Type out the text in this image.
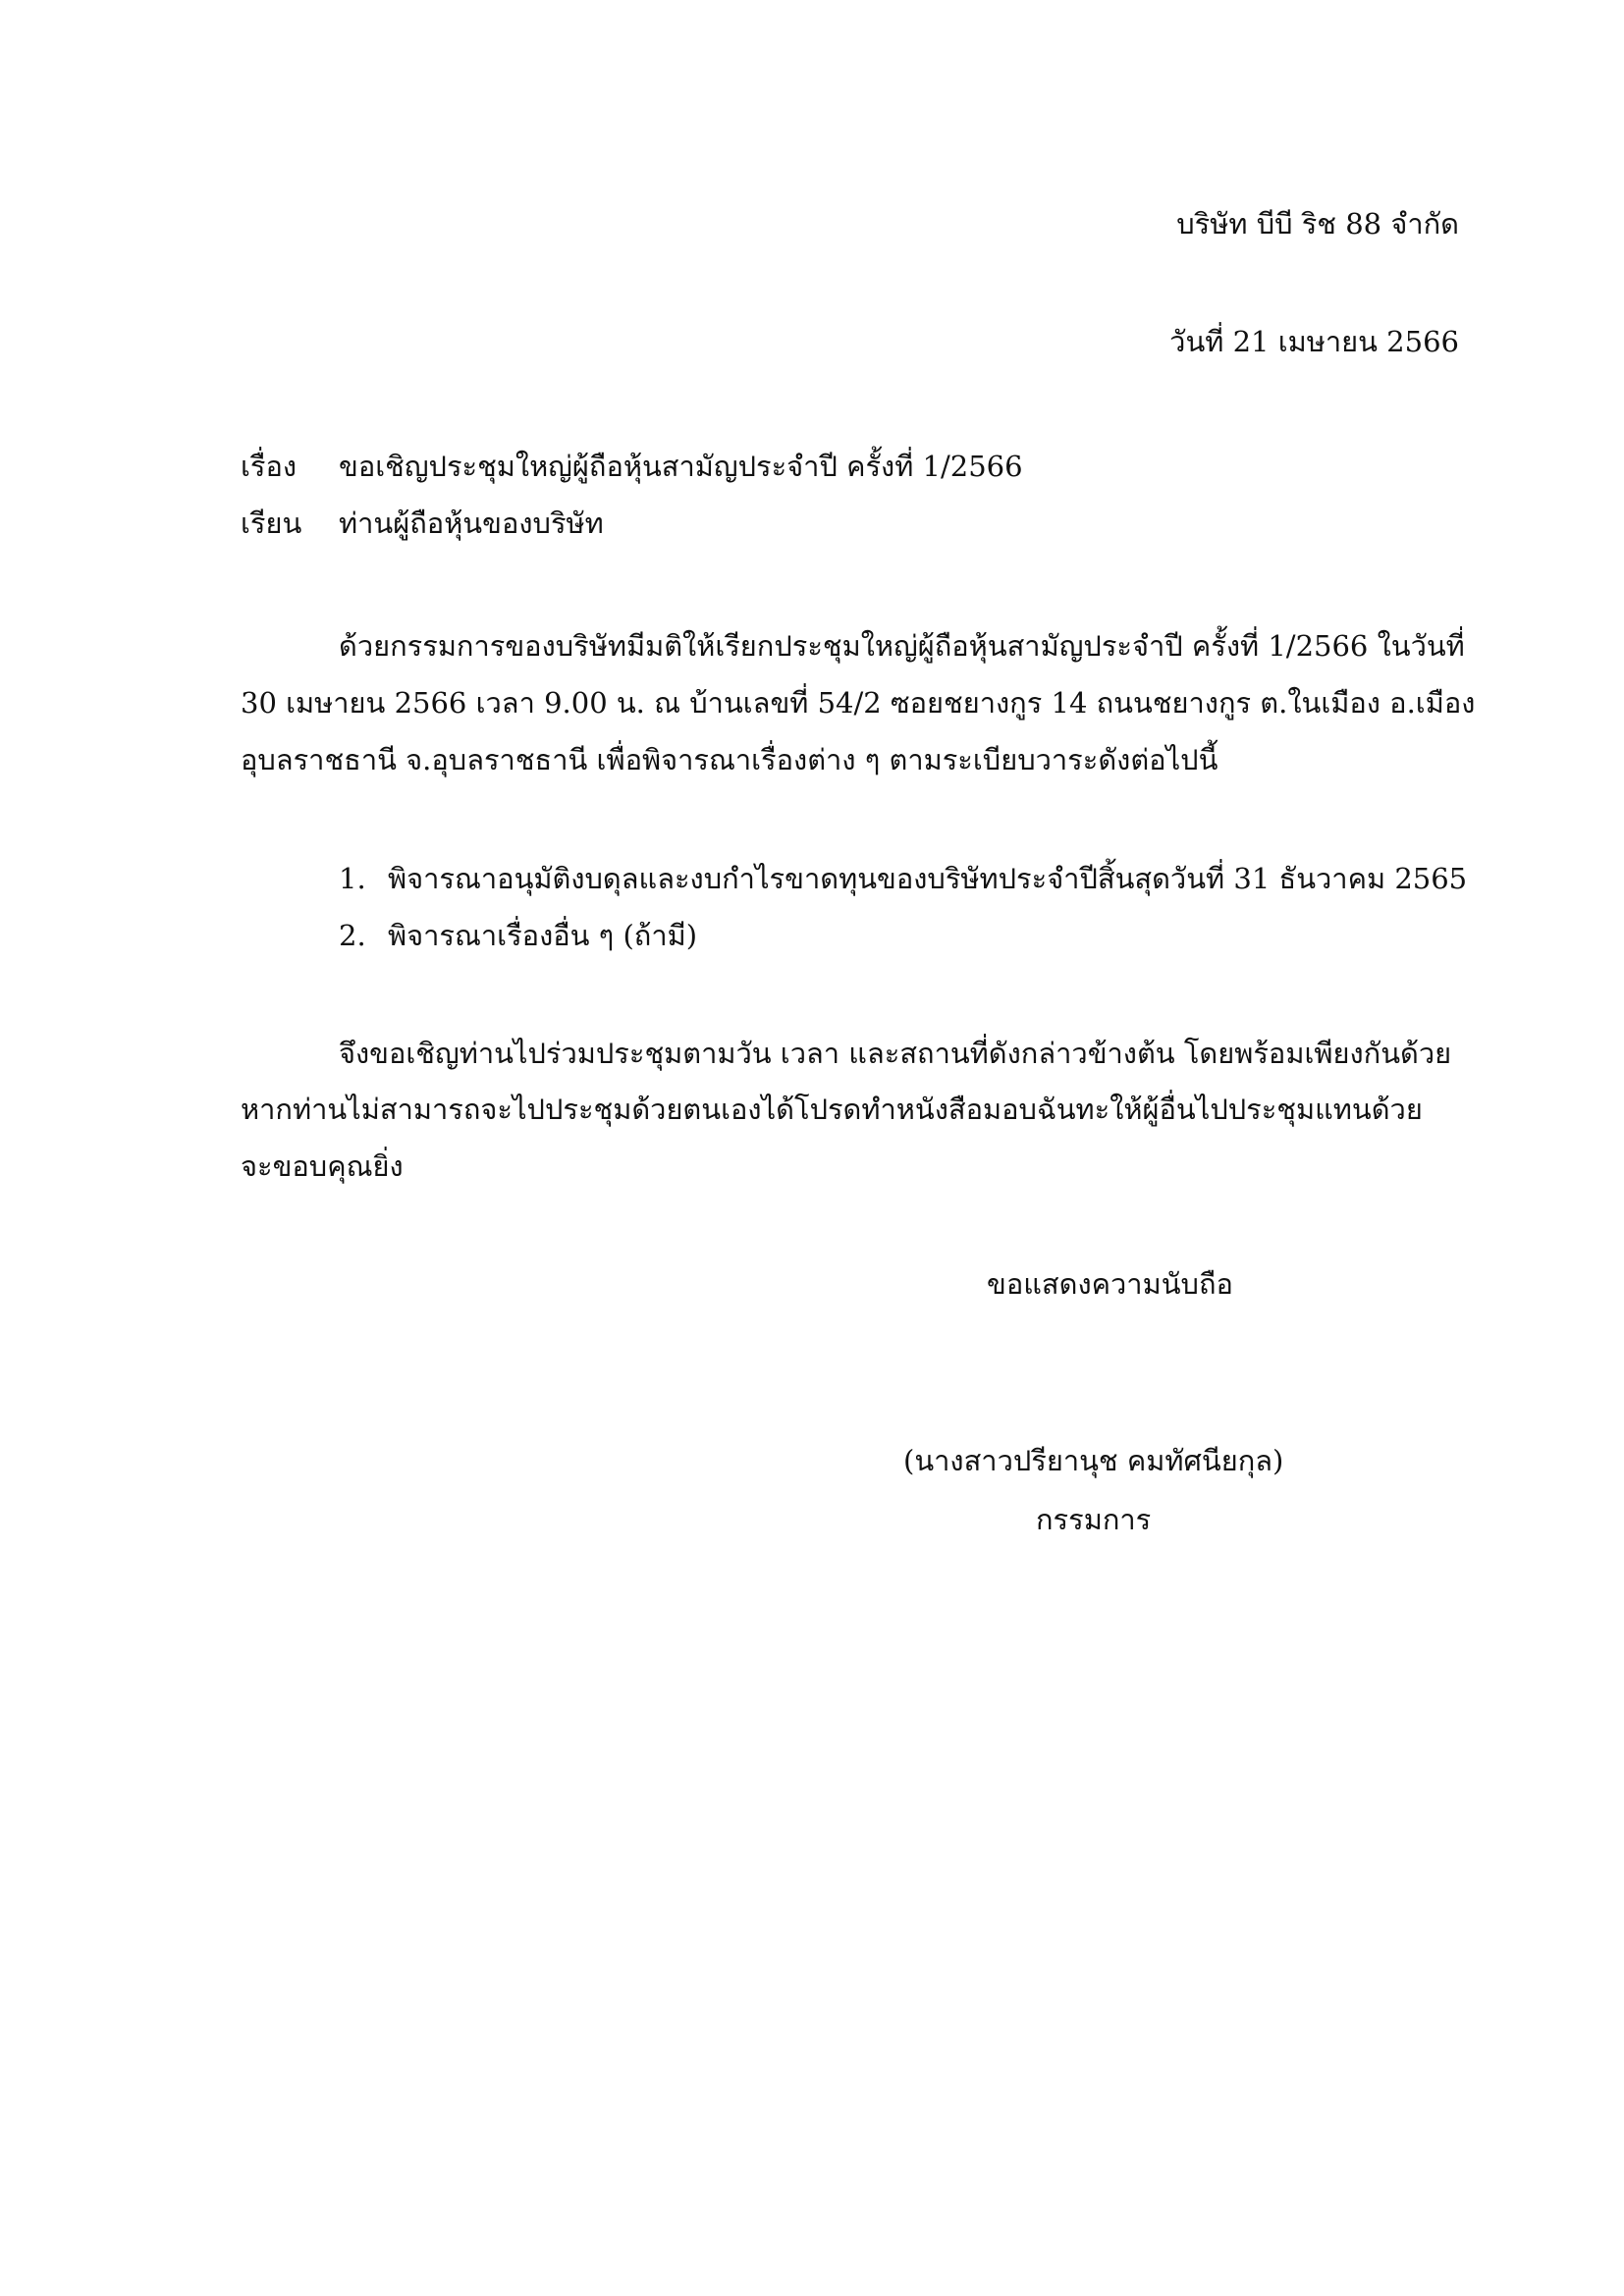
บริษัท บีบี ริช 88 จำกัด
วันที่ 21 เมษายน 2566
เรื่อง ขอเชิญประชุมใหญ่ผู้ถือหุ้นสามัญประจำปี ครั้งที่ 1/2566
เรียน ท่านผู้ถือหุ้นของบริษัท
ด้วยกรรมการของบริษัทมีมติให้เรียกประชุมใหญ่ผู้ถือหุ้นสามัญประจำปี ครั้งที่ 1/2566 ในวันที่
30 เมษายน 2566 เวลา 9.00 น. ณ บ้านเลขที่ 54/2 ซอยชยางกูร 14 ถนนชยางกูร ต.ในเมือง อ.เมือง
อุบลราชธานี จ.อุบลราชธานี เพื่อพิจารณาเรื่องต่าง ๆ ตามระเบียบวาระดังต่อไปนี้
1. พิจารณาอนุมัติงบดุลและงบกำไรขาดทุนของบริษัทประจำปีสิ้นสุดวันที่ 31 ธันวาคม 2565
2. พิจารณาเรื่องอื่น ๆ (ถ้ามี)
จึงขอเชิญท่านไปร่วมประชุมตามวัน เวลา และสถานที่ดังกล่าวข้างต้น โดยพร้อมเพียงกันด้วย
หากท่านไม่สามารถจะไปประชุมด้วยตนเองได้โปรดทำหนังสือมอบฉันทะให้ผู้อื่นไปประชุมแทนด้วย
จะขอบคุณยิ่ง
ขอแสดงความนับถือ
(นางสาวปรียานุช คมทัศนียกุล)
กรรมการ
